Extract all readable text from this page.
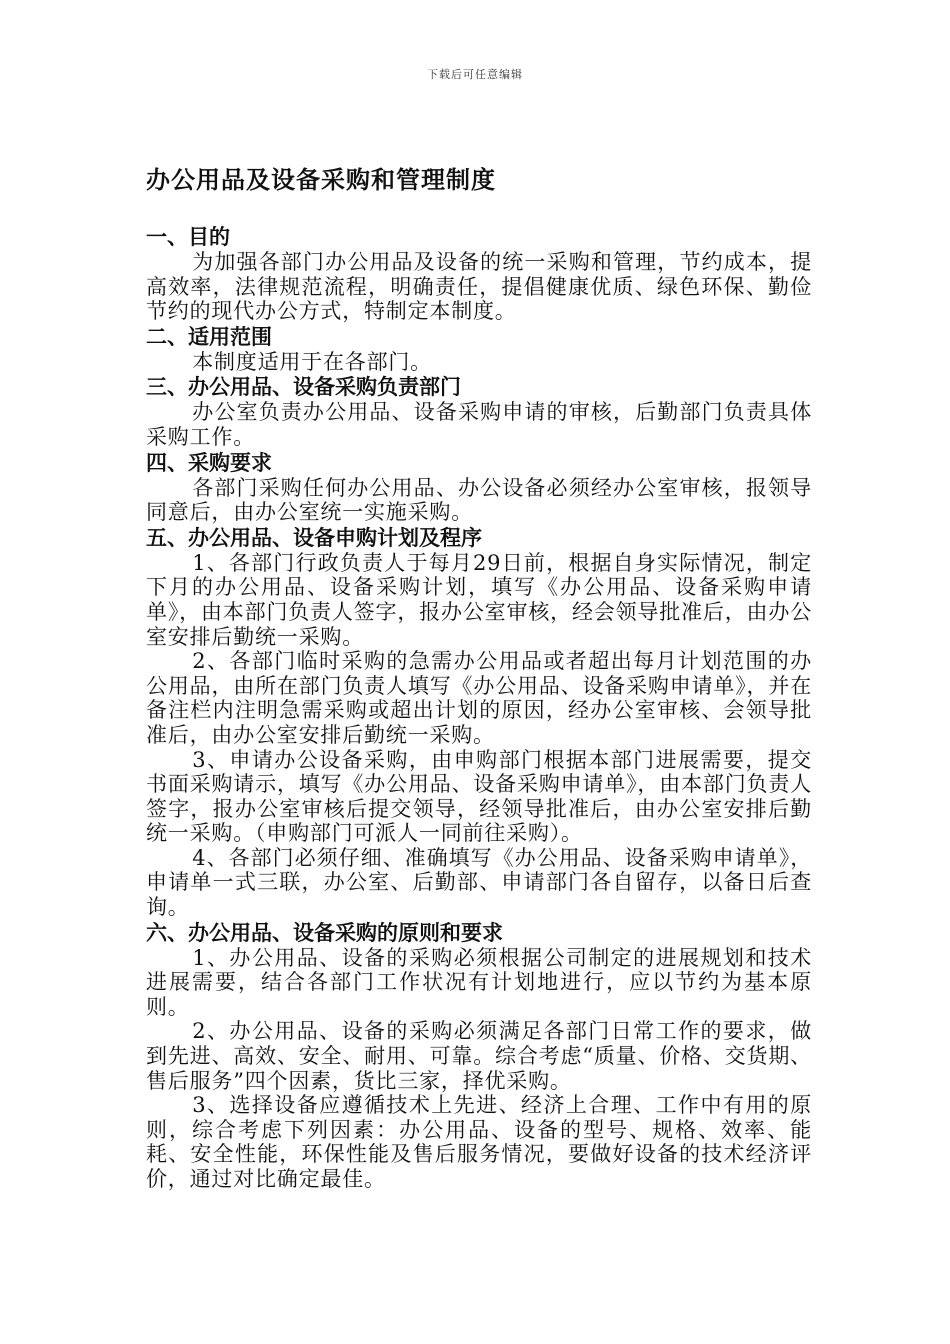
下载后可任意编辑
办公用品及设备采购和管理制度

一、目的

为加强各部门办公用品及设备的统一采购和管理，节约成本，提高效率，法律规范流程，明确责任，提倡健康优质、绿色环保、勤俭节约的现代办公方式，特制定本制度。

二、适用范围

本制度适用于在各部门。

三、办公用品、设备采购负责部门

办公室负责办公用品、设备采购申请的审核，后勤部门负责具体采购工作。

四、采购要求

各部门采购任何办公用品、办公设备必须经办公室审核，报领导同意后，由办公室统一实施采购。

五、办公用品、设备申购计划及程序

1、各部门行政负责人于每月29日前，根据自身实际情况，制定下月的办公用品、设备采购计划，填写《办公用品、设备采购申请单》，由本部门负责人签字，报办公室审核，经会领导批准后，由办公室安排后勤统一采购。

2、各部门临时采购的急需办公用品或者超出每月计划范围的办公用品，由所在部门负责人填写《办公用品、设备采购申请单》，并在备注栏内注明急需采购或超出计划的原因，经办公室审核、会领导批准后，由办公室安排后勤统一采购。

3、申请办公设备采购，由申购部门根据本部门进展需要，提交书面采购请示，填写《办公用品、设备采购申请单》，由本部门负责人签字，报办公室审核后提交领导，经领导批准后，由办公室安排后勤统一采购。（申购部门可派人一同前往采购）。

4、各部门必须仔细、准确填写《办公用品、设备采购申请单》，申请单一式三联，办公室、后勤部、申请部门各自留存，以备日后查询。

六、办公用品、设备采购的原则和要求

1、办公用品、设备的采购必须根据公司制定的进展规划和技术进展需要，结合各部门工作状况有计划地进行，应以节约为基本原则。

2、办公用品、设备的采购必须满足各部门日常工作的要求，做到先进、高效、安全、耐用、可靠。综合考虑“质量、价格、交货期、售后服务”四个因素，货比三家，择优采购。

3、选择设备应遵循技术上先进、经济上合理、工作中有用的原则，综合考虑下列因素：办公用品、设备的型号、规格、效率、能耗、安全性能，环保性能及售后服务情况，要做好设备的技术经济评价，通过对比确定最佳。
